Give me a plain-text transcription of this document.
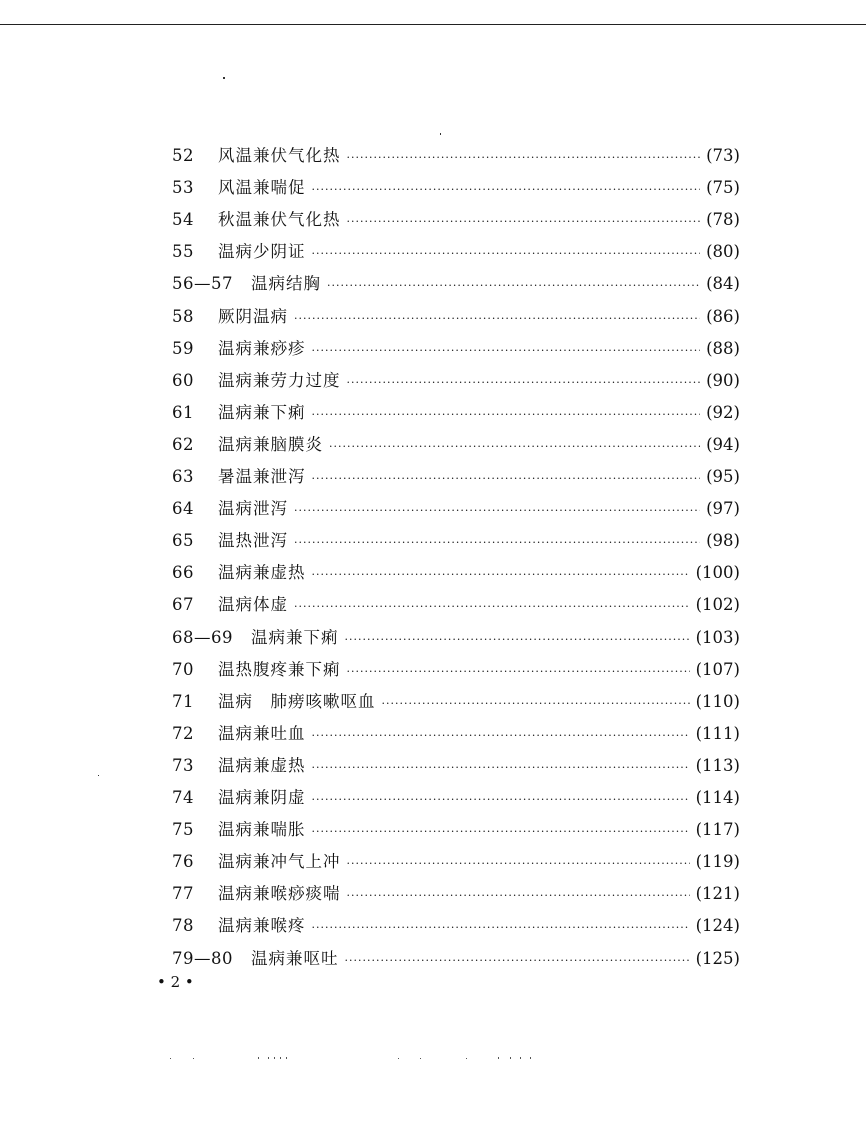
52 风温兼伏气化热 ·····	(73)
53 风温兼喘促 ·····	(75)
54 秋温兼伏气化热 ·····	(78)
55 温病少阴证 ·····	(80)
56—57 温病结胸 ·····	(84)
58 厥阴温病 ·····	(86)
59 温病兼痧疹 ·····	(88)
60 温病兼劳力过度 ·····	(90)
61 温病兼下痢 ·····	(92)
62 温病兼脑膜炎 ·····	(94)
63 暑温兼泄泻 ·····	(95)
64 温病泄泻 ·····	(97)
65 温热泄泻 ·····	(98)
66 温病兼虚热 ·····	(100)
67 温病体虚 ·····	(102)
68—69 温病兼下痢 ·····	(103)
70 温热腹疼兼下痢 ·····	(107)
71 温病　肺痨咳嗽呕血 ·····	(110)
72 温病兼吐血 ·····	(111)
73 温病兼虚热 ·····	(113)
74 温病兼阴虚 ·····	(114)
75 温病兼喘胀 ·····	(117)
76 温病兼冲气上冲 ·····	(119)
77 温病兼喉痧痰喘 ·····	(121)
78 温病兼喉疼 ·····	(124)
79—80 温病兼呕吐 ·····	(125)
• 2 •
